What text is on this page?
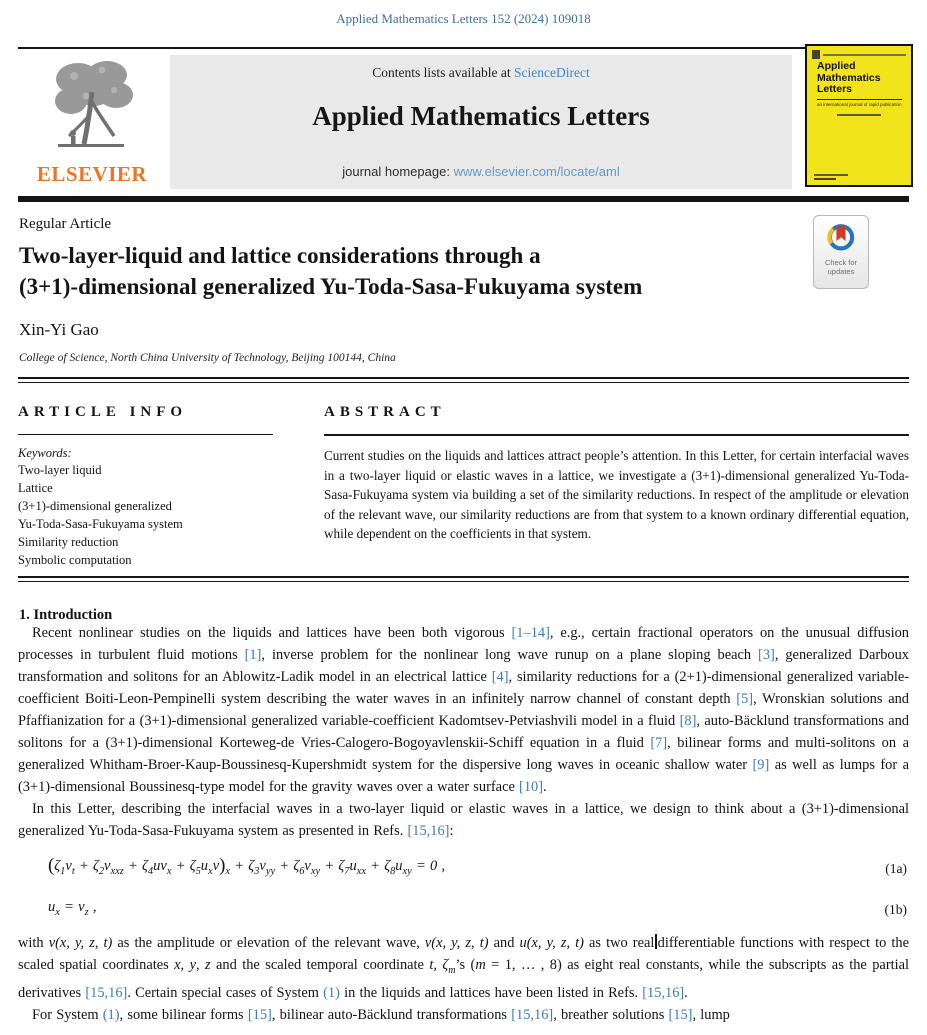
Applied Mathematics Letters 152 (2024) 109018
ELSEVIER
Contents lists available at ScienceDirect
Applied Mathematics Letters
journal homepage: www.elsevier.com/locate/aml
Applied
Mathematics
Letters
an international journal of rapid publication
Regular Article
Two-layer-liquid and lattice considerations through a
(3+1)-dimensional generalized Yu-Toda-Sasa-Fukuyama system
Check for updates
Xin-Yi Gao
College of Science, North China University of Technology, Beijing 100144, China
ARTICLE INFO
Keywords:
Two-layer liquid
Lattice
(3+1)-dimensional generalized
Yu-Toda-Sasa-Fukuyama system
Similarity reduction
Symbolic computation
ABSTRACT
Current studies on the liquids and lattices attract people’s attention. In this Letter, for certain interfacial waves in a two-layer liquid or elastic waves in a lattice, we investigate a (3+1)-dimensional generalized Yu-Toda-Sasa-Fukuyama system via building a set of the similarity reductions. In respect of the amplitude or elevation of the relevant wave, our similarity reductions are from that system to a known ordinary differential equation, while dependent on the coefficients in that system.
1. Introduction

Recent nonlinear studies on the liquids and lattices have been both vigorous [1–14], e.g., certain fractional operators on the unusual diffusion processes in turbulent fluid motions [1], inverse problem for the nonlinear long wave runup on a plane sloping beach [3], generalized Darboux transformation and solitons for an Ablowitz-Ladik model in an electrical lattice [4], similarity reductions for a (2+1)-dimensional generalized variable-coefficient Boiti-Leon-Pempinelli system describing the water waves in an infinitely narrow channel of constant depth [5], Wronskian solutions and Pfaffianization for a (3+1)-dimensional generalized variable-coefficient Kadomtsev-Petviashvili model in a fluid [8], auto-Bäcklund transformations and solitons for a (3+1)-dimensional Korteweg-de Vries-Calogero-Bogoyavlenskii-Schiff equation in a fluid [7], bilinear forms and multi-solitons on a generalized Whitham-Broer-Kaup-Boussinesq-Kupershmidt system for the dispersive long waves in oceanic shallow water [9] as well as lumps for a (3+1)-dimensional Boussinesq-type model for the gravity waves over a water surface [10].

In this Letter, describing the interfacial waves in a two-layer liquid or elastic waves in a lattice, we design to think about a (3+1)-dimensional generalized Yu-Toda-Sasa-Fukuyama system as presented in Refs. [15,16]:

$(\zeta_1v_t + \zeta_2v_{xxz} + \zeta_4uv_x + \zeta_5u_xv)_x + \zeta_3v_{yy} + \zeta_6v_{xy} + \zeta_7u_{xx} + \zeta_8u_{xy} = 0$ ,	(1a)
$u_x = v_z$ ,	(1b)

with v(x, y, z, t) as the amplitude or elevation of the relevant wave, v(x, y, z, t) and u(x, y, z, t) as two real differentiable functions with respect to the scaled spatial coordinates x, y, z and the scaled temporal coordinate t, $\zeta_m’s$ (m = 1, … , 8) as eight real constants, while the subscripts as the partial derivatives [15,16]. Certain special cases of System (1) in the liquids and lattices have been listed in Refs. [15,16].

For System (1), some bilinear forms [15], bilinear auto-Bäcklund transformations [15,16], breather solutions [15], lump
